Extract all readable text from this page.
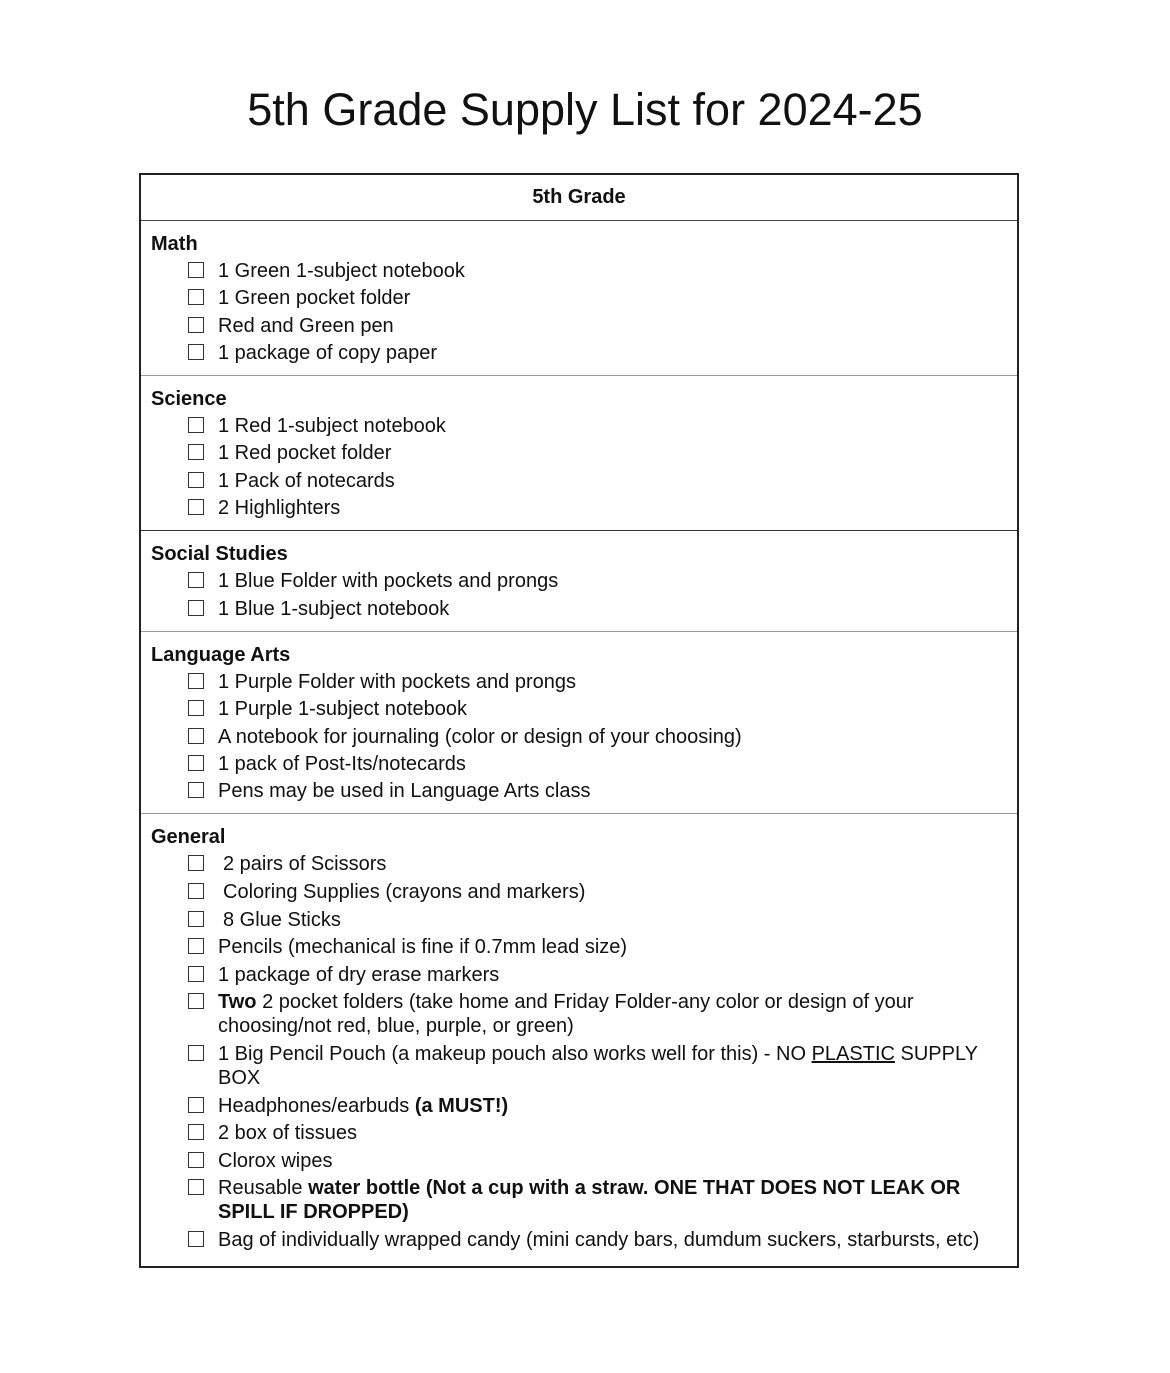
5th Grade Supply List for 2024-25
5th Grade
Math
1 Green 1-subject notebook
1 Green pocket folder
Red and Green pen
1 package of copy paper
Science
1 Red 1-subject notebook
1 Red pocket folder
1 Pack of notecards
2 Highlighters
Social Studies
1 Blue Folder with pockets and prongs
1 Blue 1-subject notebook
Language Arts
1 Purple Folder with pockets and prongs
1 Purple 1-subject notebook
A notebook for journaling (color or design of your choosing)
1 pack of Post-Its/notecards
Pens may be used in Language Arts class
General
2 pairs of Scissors
Coloring Supplies (crayons and markers)
8 Glue Sticks
Pencils (mechanical is fine if 0.7mm lead size)
1 package of dry erase markers
Two 2 pocket folders (take home and Friday Folder-any color or design of your choosing/not red, blue, purple, or green)
1 Big Pencil Pouch (a makeup pouch also works well for this) - NO PLASTIC SUPPLY BOX
Headphones/earbuds (a MUST!)
2 box of tissues
Clorox wipes
Reusable water bottle (Not a cup with a straw. ONE THAT DOES NOT LEAK OR SPILL IF DROPPED)
Bag of individually wrapped candy (mini candy bars, dumdum suckers, starbursts, etc)
